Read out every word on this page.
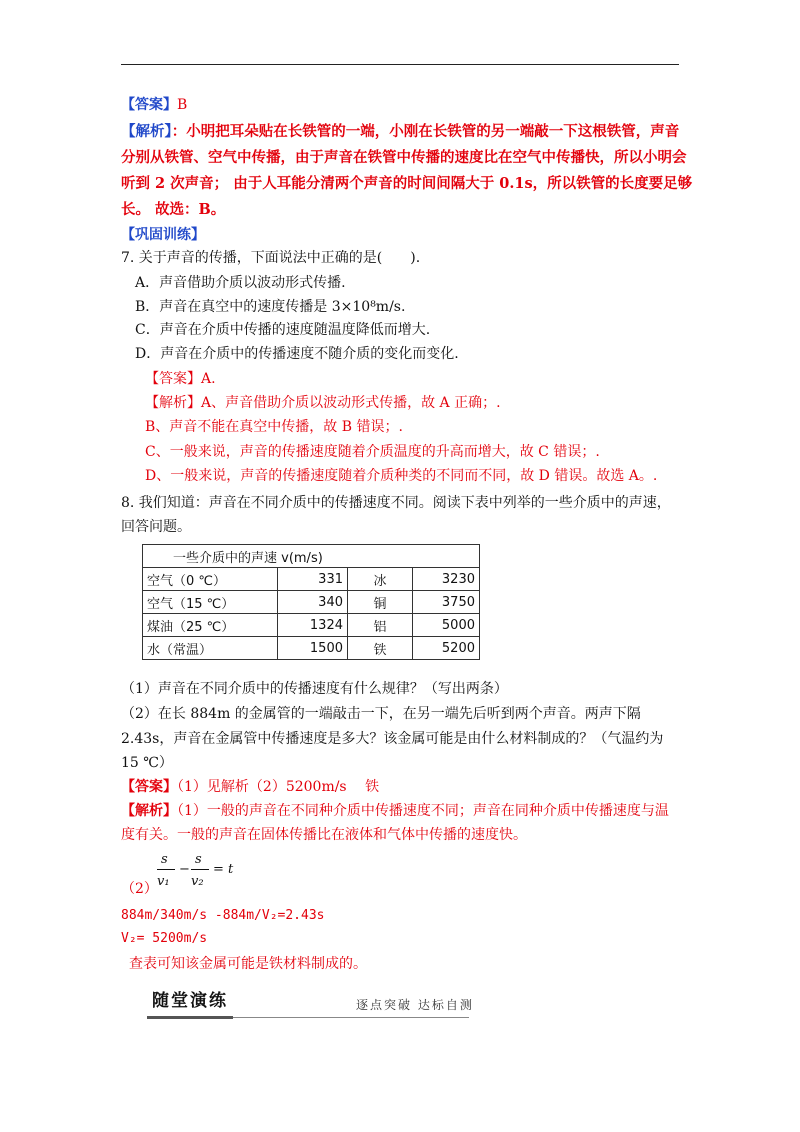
【答案】B
【解析】：小明把耳朵贴在长铁管的一端，小刚在长铁管的另一端敲一下这根铁管，声音
分别从铁管、空气中传播，由于声音在铁管中传播的速度比在空气中传播快，所以小明会
听到 2 次声音； 由于人耳能分清两个声音的时间间隔大于 0.1s，所以铁管的长度要足够
长。 故选：B。
【巩固训练】
7. 关于声音的传播，下面说法中正确的是(　　).
A．声音借助介质以波动形式传播.
B．声音在真空中的速度传播是 3×10⁸m/s.
C．声音在介质中传播的速度随温度降低而增大.
D．声音在介质中的传播速度不随介质的变化而变化.
【答案】A.
【解析】A、声音借助介质以波动形式传播，故 A 正确；.
B、声音不能在真空中传播，故 B 错误；.
C、一般来说，声音的传播速度随着介质温度的升高而增大，故 C 错误；.
D、一般来说，声音的传播速度随着介质种类的不同而不同，故 D 错误。故选 A。.
8. 我们知道：声音在不同介质中的传播速度不同。阅读下表中列举的一些介质中的声速，
回答问题。
一些介质中的声速 v(m/s)			
空气（0 ℃）	331	冰	3230
空气（15 ℃）	340	铜	3750
煤油（25 ℃）	1324	铝	5000
水（常温）	1500	铁	5200
（1）声音在不同介质中的传播速度有什么规律？（写出两条）
（2）在长 884m 的金属管的一端敲击一下，在另一端先后听到两个声音。两声下隔
2.43s，声音在金属管中传播速度是多大？该金属可能是由什么材料制成的？（气温约为
15 ℃）
【答案】（1）见解析（2）5200m/s　 铁
【解析】（1）一般的声音在不同种介质中传播速度不同；声音在同种介质中传播速度与温
度有关。一般的声音在固体传播比在液体和气体中传播的速度快。
s
v₁
−
s
v₂
= t
（2）
884m/340m/s -884m/V₂=2.43s
V₂= 5200m/s
查表可知该金属可能是铁材料制成的。
随堂演练	逐点突破 达标自测
